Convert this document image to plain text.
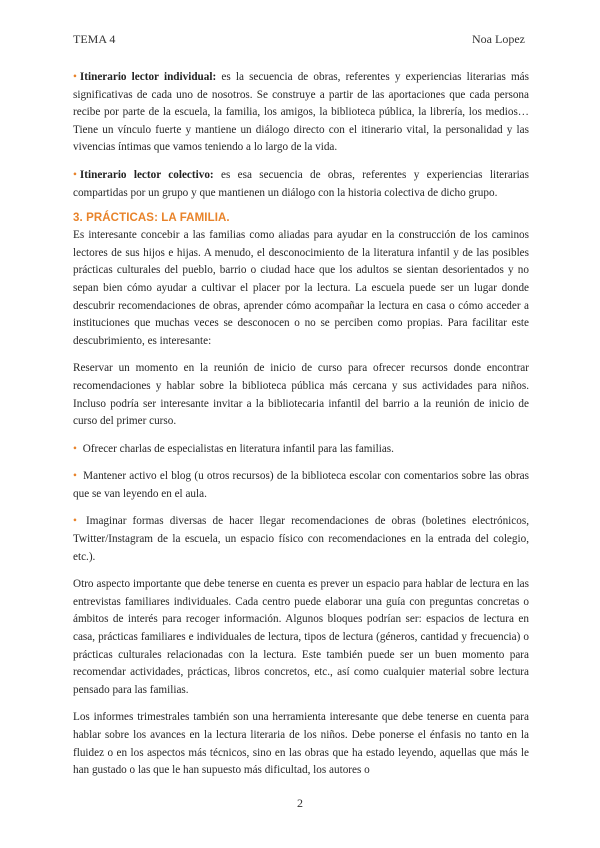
TEMA 4	Noa Lopez

• Itinerario lector individual: es la secuencia de obras, referentes y experiencias literarias más significativas de cada uno de nosotros. Se construye a partir de las aportaciones que cada persona recibe por parte de la escuela, la familia, los amigos, la biblioteca pública, la librería, los medios… Tiene un vínculo fuerte y mantiene un diálogo directo con el itinerario vital, la personalidad y las vivencias íntimas que vamos teniendo a lo largo de la vida.

• Itinerario lector colectivo: es esa secuencia de obras, referentes y experiencias literarias compartidas por un grupo y que mantienen un diálogo con la historia colectiva de dicho grupo.

3. PRÁCTICAS: LA FAMILIA.

Es interesante concebir a las familias como aliadas para ayudar en la construcción de los caminos lectores de sus hijos e hijas. A menudo, el desconocimiento de la literatura infantil y de las posibles prácticas culturales del pueblo, barrio o ciudad hace que los adultos se sientan desorientados y no sepan bien cómo ayudar a cultivar el placer por la lectura. La escuela puede ser un lugar donde descubrir recomendaciones de obras, aprender cómo acompañar la lectura en casa o cómo acceder a instituciones que muchas veces se desconocen o no se perciben como propias. Para facilitar este descubrimiento, es interesante:

Reservar un momento en la reunión de inicio de curso para ofrecer recursos donde encontrar recomendaciones y hablar sobre la biblioteca pública más cercana y sus actividades para niños. Incluso podría ser interesante invitar a la bibliotecaria infantil del barrio a la reunión de inicio de curso del primer curso.

• Ofrecer charlas de especialistas en literatura infantil para las familias.

• Mantener activo el blog (u otros recursos) de la biblioteca escolar con comentarios sobre las obras que se van leyendo en el aula.

• Imaginar formas diversas de hacer llegar recomendaciones de obras (boletines electrónicos, Twitter/Instagram de la escuela, un espacio físico con recomendaciones en la entrada del colegio, etc.).

Otro aspecto importante que debe tenerse en cuenta es prever un espacio para hablar de lectura en las entrevistas familiares individuales. Cada centro puede elaborar una guía con preguntas concretas o ámbitos de interés para recoger información. Algunos bloques podrían ser: espacios de lectura en casa, prácticas familiares e individuales de lectura, tipos de lectura (géneros, cantidad y frecuencia) o prácticas culturales relacionadas con la lectura. Este también puede ser un buen momento para recomendar actividades, prácticas, libros concretos, etc., así como cualquier material sobre lectura pensado para las familias.

Los informes trimestrales también son una herramienta interesante que debe tenerse en cuenta para hablar sobre los avances en la lectura literaria de los niños. Debe ponerse el énfasis no tanto en la fluidez o en los aspectos más técnicos, sino en las obras que ha estado leyendo, aquellas que más le han gustado o las que le han supuesto más dificultad, los autores o

2
